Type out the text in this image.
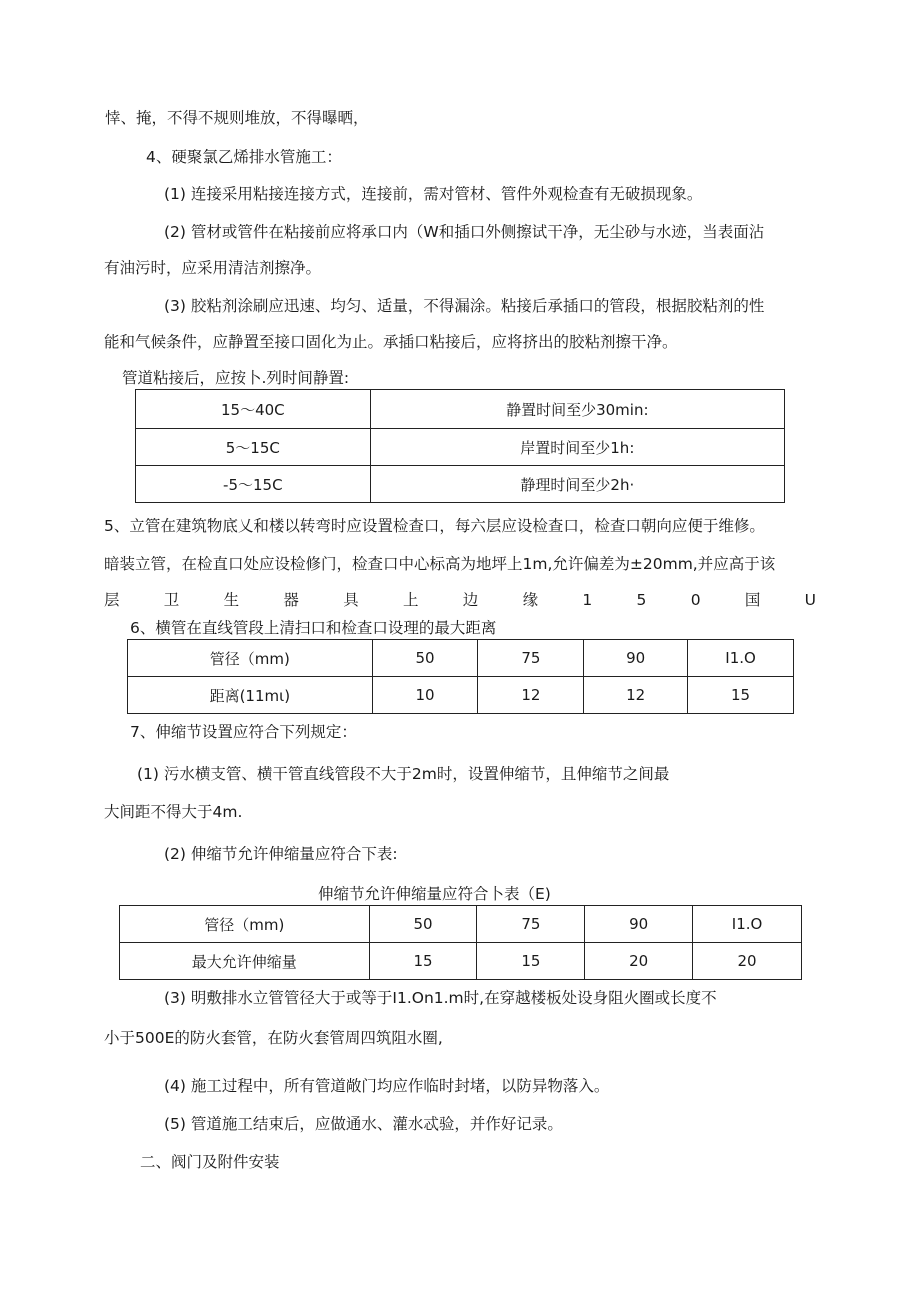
悻、掩，不得不规则堆放，不得曝晒，
4、硬聚氯乙烯排水管施工：
(1) 连接采用粘接连接方式，连接前，需对管材、管件外观检查有无破损现象。
(2) 管材或管件在粘接前应将承口内（W和插口外侧擦试干净，无尘砂与水迹，当表面沾
有油污时，应采用清洁剂擦净。
(3) 胶粘剂涂刷应迅速、均匀、适量，不得漏涂。粘接后承插口的管段，根据胶粘剂的性
能和气候条件，应静置至接口固化为止。承插口粘接后，应将挤出的胶粘剂擦干净。
管道粘接后，应按卜.列时间静置:
15〜40C	静置时间至少30min:
5〜15C	岸置时间至少1h:
-5〜15C	静理时间至少2h·
5、立管在建筑物底乂和楼以转弯时应设置检查口，每六层应设检查口，检查口朝向应便于维修。
暗装立管，在检直口处应设检修门，检查口中心标高为地坪上1m,允许偏差为±20mm,并应高于该
层	卫	生	器	具	上	边	缘	1	5	0	国	U
6、横管在直线管段上清扫口和检查口设理的最大距离
管径（mm)	50	75	90	I1.O
距离(11mι)	10	12	12	15
7、伸缩节设置应符合下列规定：
(1) 污水横支管、横干管直线管段不大于2m时，设置伸缩节，且伸缩节之间最
大间距不得大于4m.
(2) 伸缩节允许伸缩量应符合下表:
伸缩节允许伸缩量应符合卜表（E)
管径（mm)	50	75	90	I1.O
最大允许伸缩量	15	15	20	20
(3) 明敷排水立管管径大于或等于I1.On1.m时,在穿越楼板处设身阻火圈或长度不
小于500E的防火套管，在防火套管周四筑阻水圈,
(4) 施工过程中，所有管道敞门均应作临时封堵，以防异物落入。
(5) 管道施工结束后，应做通水、灌水忒验，并作好记录。
二、阀门及附件安装
